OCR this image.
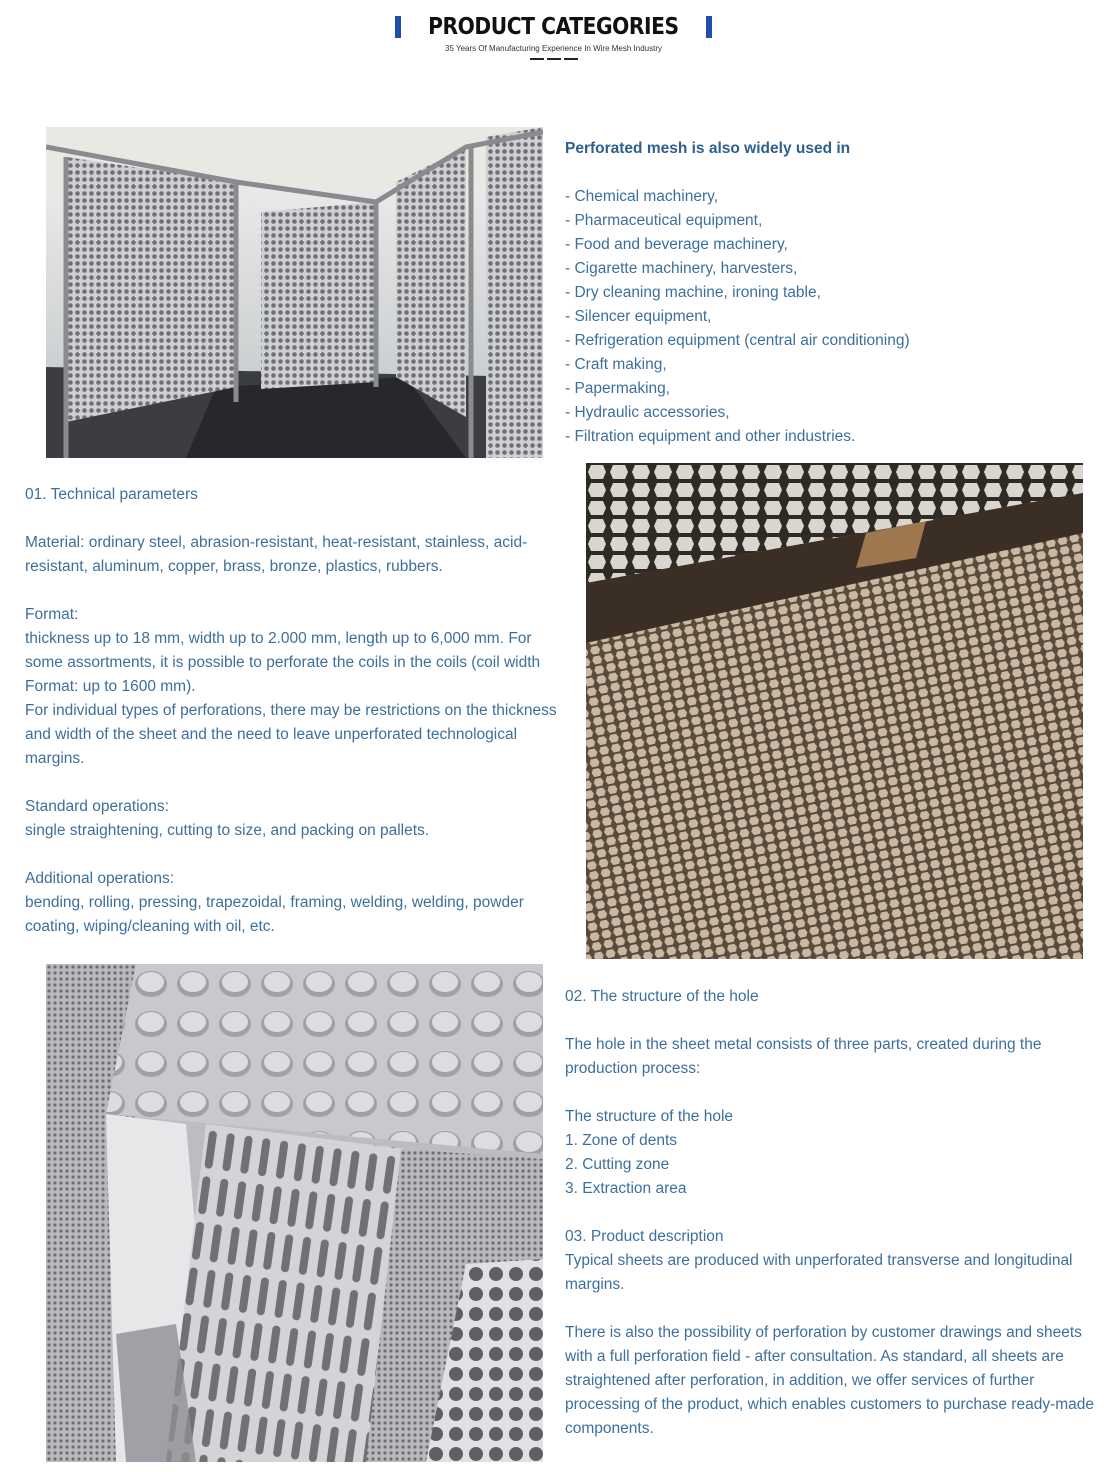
PRODUCT CATEGORIES
35 Years Of Manufacturing Experience In Wire Mesh Industry

Perforated mesh is also widely used in

- Chemical machinery,

- Pharmaceutical equipment,

- Food and beverage machinery,

- Cigarette machinery, harvesters,

- Dry cleaning machine, ironing table,

- Silencer equipment,

- Refrigeration equipment (central air conditioning)

- Craft making,

- Papermaking,

- Hydraulic accessories,

- Filtration equipment and other industries.

01. Technical parameters

Material: ordinary steel, abrasion-resistant, heat-resistant, stainless, acid-resistant, aluminum, copper, brass, bronze, plastics, rubbers.

Format:

thickness up to 18 mm, width up to 2.000 mm, length up to 6,000 mm. For some assortments, it is possible to perforate the coils in the coils (coil width Format: up to 1600 mm).

For individual types of perforations, there may be restrictions on the thickness and width of the sheet and the need to leave unperforated technological margins.

Standard operations:

single straightening, cutting to size, and packing on pallets.

Additional operations:

bending, rolling, pressing, trapezoidal, framing, welding, welding, powder coating, wiping/cleaning with oil, etc.

02. The structure of the hole

The hole in the sheet metal consists of three parts, created during the production process:

The structure of the hole

1. Zone of dents

2. Cutting zone

3. Extraction area

03. Product description

Typical sheets are produced with unperforated transverse and longitudinal margins.

There is also the possibility of perforation by customer drawings and sheets with a full perforation field - after consultation. As standard, all sheets are straightened after perforation, in addition, we offer services of further processing of the product, which enables customers to purchase ready-made components.
